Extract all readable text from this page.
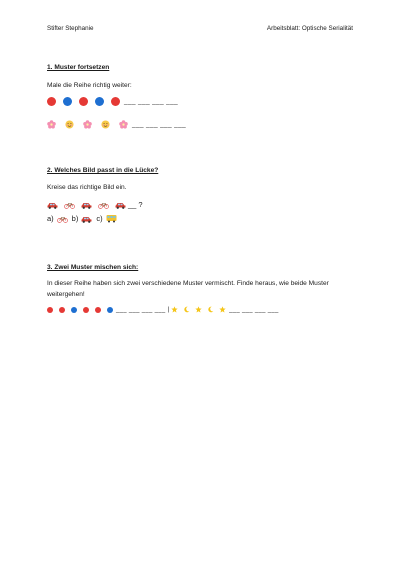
Stifter Stephanie	Arbeitsblatt: Optische Serialität
1. Muster fortsetzen
Male die Reihe richtig weiter:
___ ___ ___ ___
___ ___ ___ ___
2. Welches Bild passt in die Lücke?
Kreise das richtige Bild ein.
__ ?
a) b) c)
3. Zwei Muster mischen sich:
In dieser Reihe haben sich zwei verschiedene Muster vermischt. Finde heraus, wie beide Muster weitergehen!
___ ___ ___ ___ |	___ ___ ___ ___
